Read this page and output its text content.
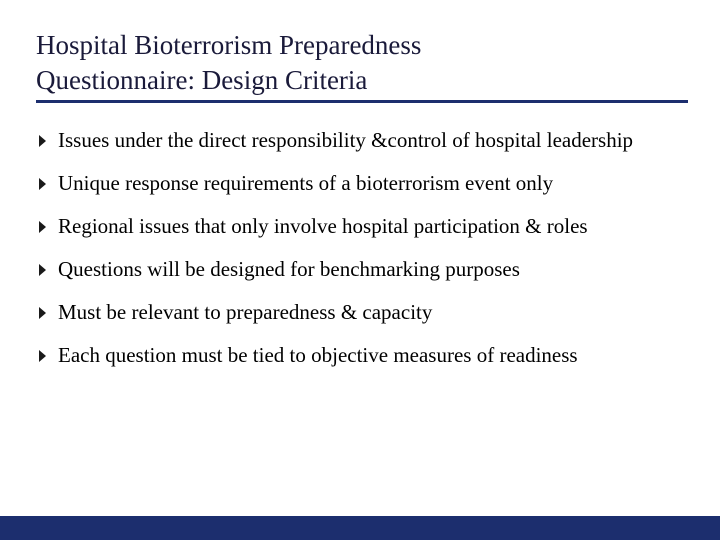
Hospital Bioterrorism Preparedness
Questionnaire: Design Criteria
Issues under the direct responsibility &control of hospital leadership
Unique response requirements of a bioterrorism event only
Regional issues that only involve hospital participation & roles
Questions will be designed for benchmarking purposes
Must be relevant to preparedness & capacity
Each question must be tied to objective measures of readiness
